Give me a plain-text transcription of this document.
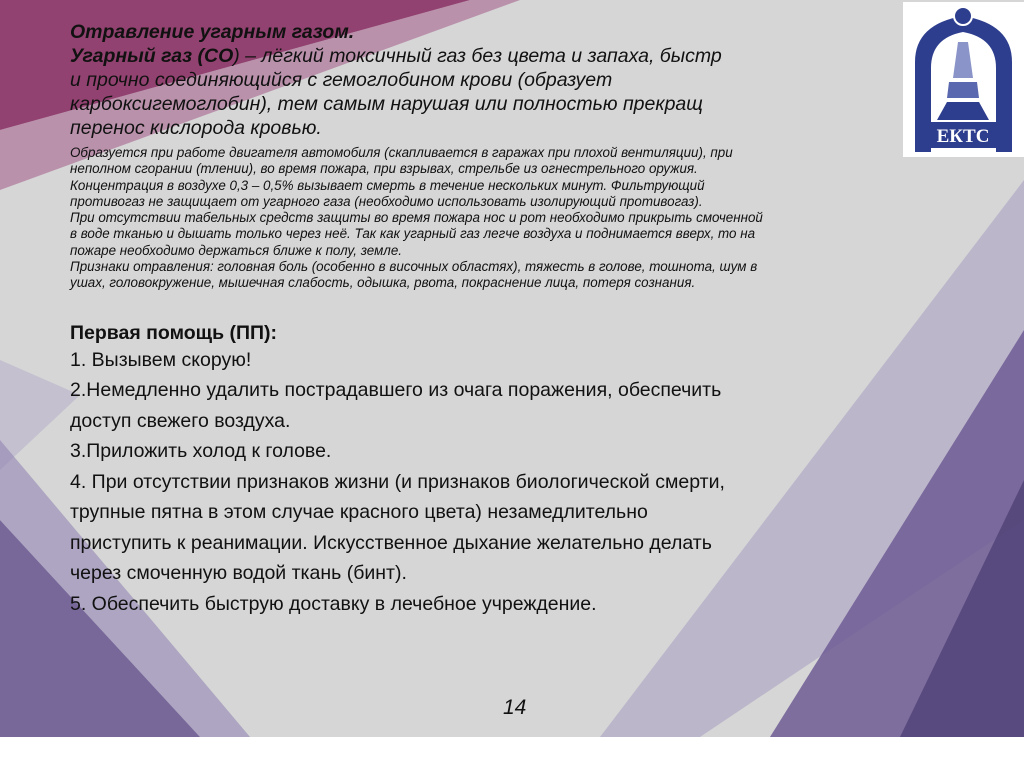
ЕКТС
Отравление угарным газом.
Угарный газ (СО) – лёгкий токсичный газ без цвета и запаха, быстр
и прочно соединяющийся с гемоглобином крови (образует
карбоксигемоглобин), тем самым нарушая или полностью прекращ
перенос кислорода кровью.
Образуется при работе двигателя автомобиля (скапливается в гаражах при плохой вентиляции), при
неполном сгорании (тлении), во время пожара, при взрывах, стрельбе из огнестрельного оружия.
Концентрация в воздухе 0,3 – 0,5% вызывает смерть в течение нескольких минут. Фильтрующий
противогаз не защищает от угарного газа (необходимо использовать изолирующий противогаз).
При отсутствии табельных средств защиты во время пожара нос и рот необходимо прикрыть смоченной
в воде тканью и дышать только через неё. Так как угарный газ легче воздуха и поднимается вверх, то на
пожаре необходимо держаться ближе к полу, земле.
Признаки отравления: головная боль (особенно в височных областях), тяжесть в голове, тошнота, шум в
ушах, головокружение, мышечная слабость, одышка, рвота, покраснение лица, потеря сознания.
Первая помощь (ПП):
1. Вызывем скорую!
2.Немедленно удалить пострадавшего из очага поражения, обеспечить
доступ свежего воздуха.
3.Приложить холод к голове.
4. При отсутствии признаков жизни (и признаков биологической смерти,
трупные пятна в этом случае красного цвета) незамедлительно
приступить к реанимации. Искусственное дыхание желательно делать
через смоченную водой ткань (бинт).
5. Обеспечить быструю доставку в лечебное учреждение.
14
